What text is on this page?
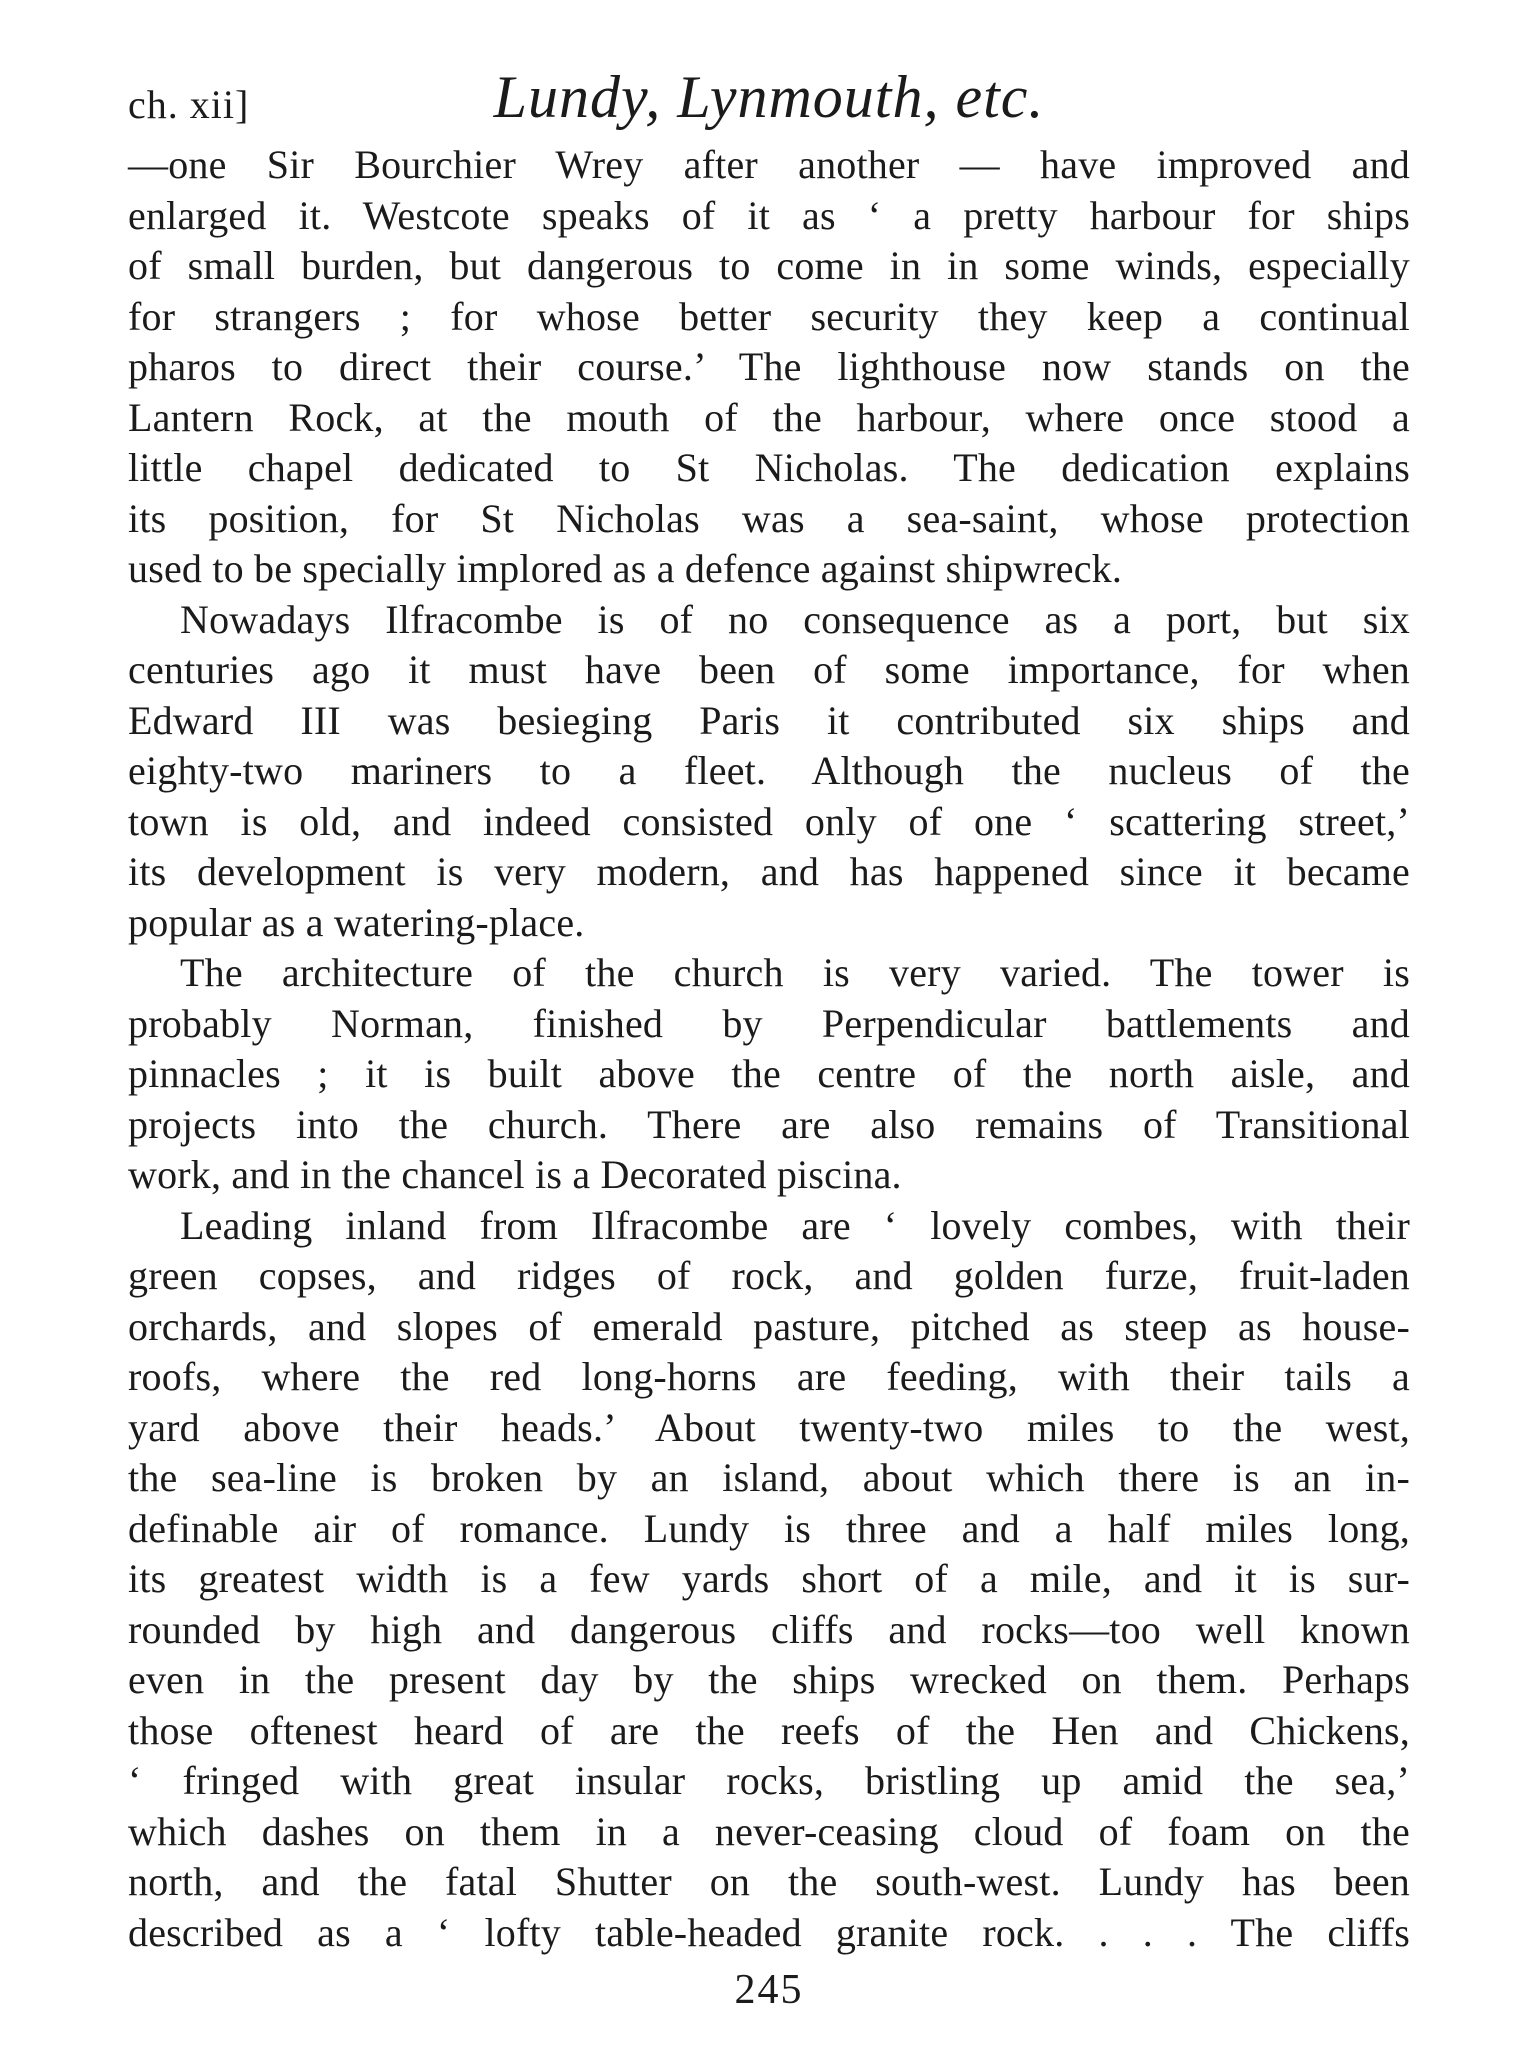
ch. xii]	Lundy, Lynmouth, etc.
—one Sir Bourchier Wrey after another — have improved and
enlarged it. Westcote speaks of it as ‘ a pretty harbour for ships
of small burden, but dangerous to come in in some winds, especially
for strangers ; for whose better security they keep a continual
pharos to direct their course.’ The lighthouse now stands on the
Lantern Rock, at the mouth of the harbour, where once stood a
little chapel dedicated to St Nicholas. The dedication explains
its position, for St Nicholas was a sea-saint, whose protection
used to be specially implored as a defence against shipwreck.
Nowadays Ilfracombe is of no consequence as a port, but six
centuries ago it must have been of some importance, for when
Edward III was besieging Paris it contributed six ships and
eighty-two mariners to a fleet. Although the nucleus of the
town is old, and indeed consisted only of one ‘ scattering street,’
its development is very modern, and has happened since it became
popular as a watering-place.
The architecture of the church is very varied. The tower is
probably Norman, finished by Perpendicular battlements and
pinnacles ; it is built above the centre of the north aisle, and
projects into the church. There are also remains of Transitional
work, and in the chancel is a Decorated piscina.
Leading inland from Ilfracombe are ‘ lovely combes, with their
green copses, and ridges of rock, and golden furze, fruit-laden
orchards, and slopes of emerald pasture, pitched as steep as house-
roofs, where the red long-horns are feeding, with their tails a
yard above their heads.’ About twenty-two miles to the west,
the sea-line is broken by an island, about which there is an in-
definable air of romance. Lundy is three and a half miles long,
its greatest width is a few yards short of a mile, and it is sur-
rounded by high and dangerous cliffs and rocks—too well known
even in the present day by the ships wrecked on them. Perhaps
those oftenest heard of are the reefs of the Hen and Chickens,
‘ fringed with great insular rocks, bristling up amid the sea,’
which dashes on them in a never-ceasing cloud of foam on the
north, and the fatal Shutter on the south-west. Lundy has been
described as a ‘ lofty table-headed granite rock. . . . The cliffs
245
